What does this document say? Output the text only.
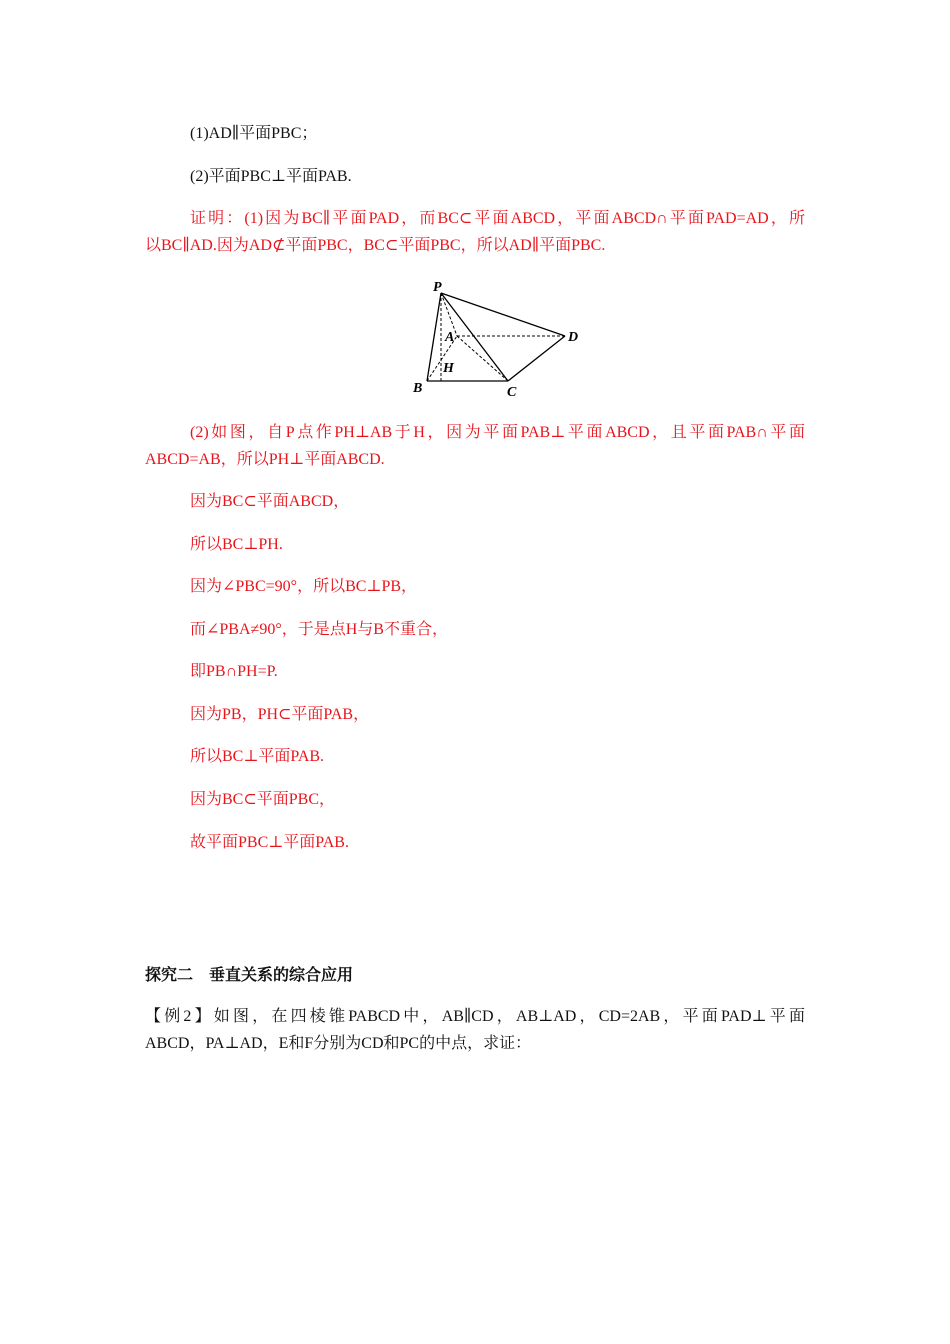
(1)AD∥平面PBC；
(2)平面PBC⊥平面PAB.
证明：(1)因为BC∥平面PAD，而BC⊂平面ABCD，平面ABCD∩平面PAD=AD，所
以BC∥AD.因为AD⊄平面PBC，BC⊂平面PBC，所以AD∥平面PBC.
P
A
H
B	C
D
(2)如图，自P点作PH⊥AB于H，因为平面PAB⊥平面ABCD，且平面PAB∩平面
ABCD=AB，所以PH⊥平面ABCD.
因为BC⊂平面ABCD，
所以BC⊥PH.
因为∠PBC=90°，所以BC⊥PB，
而∠PBA≠90°，于是点H与B不重合，
即PB∩PH=P.
因为PB，PH⊂平面PAB，
所以BC⊥平面PAB.
因为BC⊂平面PBC，
故平面PBC⊥平面PAB.
探究二　垂直关系的综合应用
【例2】如图，在四棱锥PABCD中，AB∥CD，AB⊥AD，CD=2AB，平面PAD⊥平面
ABCD，PA⊥AD，E和F分别为CD和PC的中点，求证：
